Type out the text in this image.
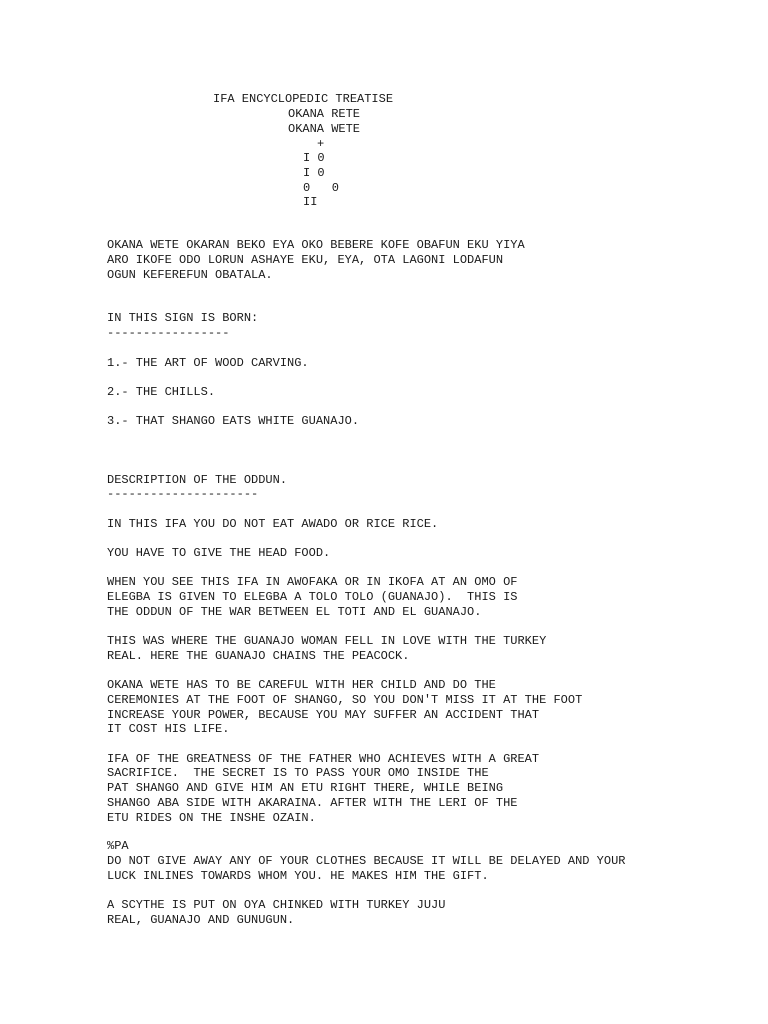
IFA ENCYCLOPEDIC TREATISE
OKANA RETE
OKANA WETE
+
I 0
I 0
0   0
II
OKANA WETE OKARAN BEKO EYA OKO BEBERE KOFE OBAFUN EKU YIYA
ARO IKOFE ODO LORUN ASHAYE EKU, EYA, OTA LAGONI LODAFUN
OGUN KEFEREFUN OBATALA.
IN THIS SIGN IS BORN:
-----------------
1.- THE ART OF WOOD CARVING.
2.- THE CHILLS.
3.- THAT SHANGO EATS WHITE GUANAJO.
DESCRIPTION OF THE ODDUN.
---------------------
IN THIS IFA YOU DO NOT EAT AWADO OR RICE RICE.
YOU HAVE TO GIVE THE HEAD FOOD.
WHEN YOU SEE THIS IFA IN AWOFAKA OR IN IKOFA AT AN OMO OF
ELEGBA IS GIVEN TO ELEGBA A TOLO TOLO (GUANAJO).  THIS IS
THE ODDUN OF THE WAR BETWEEN EL TOTI AND EL GUANAJO.
THIS WAS WHERE THE GUANAJO WOMAN FELL IN LOVE WITH THE TURKEY
REAL. HERE THE GUANAJO CHAINS THE PEACOCK.
OKANA WETE HAS TO BE CAREFUL WITH HER CHILD AND DO THE
CEREMONIES AT THE FOOT OF SHANGO, SO YOU DON'T MISS IT AT THE FOOT
INCREASE YOUR POWER, BECAUSE YOU MAY SUFFER AN ACCIDENT THAT
IT COST HIS LIFE.
IFA OF THE GREATNESS OF THE FATHER WHO ACHIEVES WITH A GREAT
SACRIFICE.  THE SECRET IS TO PASS YOUR OMO INSIDE THE
PAT SHANGO AND GIVE HIM AN ETU RIGHT THERE, WHILE BEING
SHANGO ABA SIDE WITH AKARAINA. AFTER WITH THE LERI OF THE
ETU RIDES ON THE INSHE OZAIN.
%PA
DO NOT GIVE AWAY ANY OF YOUR CLOTHES BECAUSE IT WILL BE DELAYED AND YOUR
LUCK INLINES TOWARDS WHOM YOU. HE MAKES HIM THE GIFT.
A SCYTHE IS PUT ON OYA CHINKED WITH TURKEY JUJU
REAL, GUANAJO AND GUNUGUN.
